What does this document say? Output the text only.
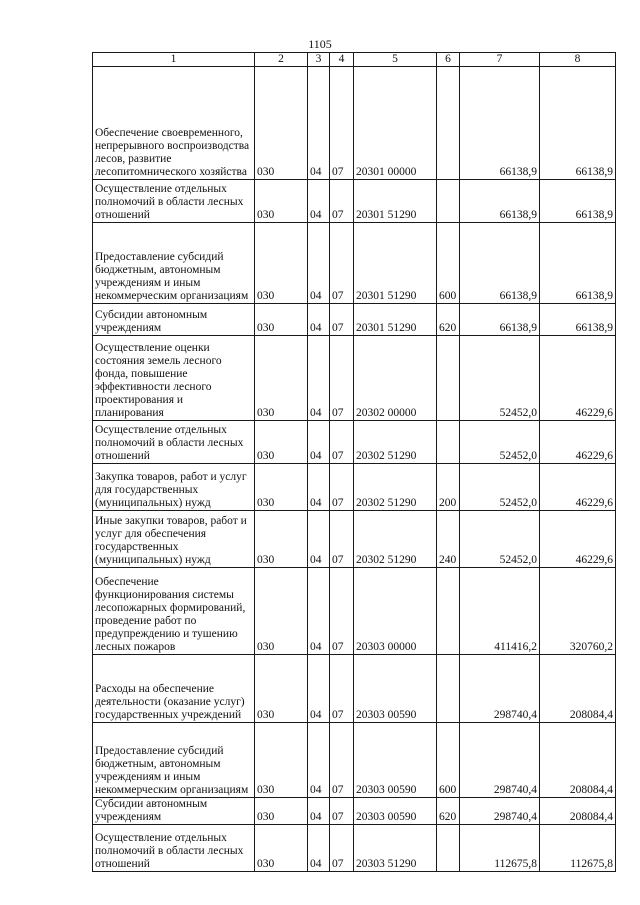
1105
1	2	3	4	5	6	7	8
Обеспечение своевременного, непрерывного воспроизводства лесов, развитие лесопитомнического хозяйства	030	04	07	20301 00000		66138,9	66138,9
Осуществление отдельных полномочий в области лесных отношений	030	04	07	20301 51290		66138,9	66138,9
Предоставление субсидий бюджетным, автономным учреждениям и иным некоммерческим организациям	030	04	07	20301 51290	600	66138,9	66138,9
Субсидии автономным учреждениям	030	04	07	20301 51290	620	66138,9	66138,9
Осуществление оценки состояния земель лесного фонда, повышение эффективности лесного проектирования и планирования	030	04	07	20302 00000		52452,0	46229,6
Осуществление отдельных полномочий в области лесных отношений	030	04	07	20302 51290		52452,0	46229,6
Закупка товаров, работ и услуг для государственных (муниципальных) нужд	030	04	07	20302 51290	200	52452,0	46229,6
Иные закупки товаров, работ и услуг для обеспечения государственных (муниципальных) нужд	030	04	07	20302 51290	240	52452,0	46229,6
Обеспечение функционирования системы лесопожарных формирований, проведение работ по предупреждению и тушению лесных пожаров	030	04	07	20303 00000		411416,2	320760,2
Расходы на обеспечение деятельности (оказание услуг) государственных учреждений	030	04	07	20303 00590		298740,4	208084,4
Предоставление субсидий бюджетным, автономным учреждениям и иным некоммерческим организациям	030	04	07	20303 00590	600	298740,4	208084,4
Субсидии автономным учреждениям	030	04	07	20303 00590	620	298740,4	208084,4
Осуществление отдельных полномочий в области лесных отношений	030	04	07	20303 51290		112675,8	112675,8
